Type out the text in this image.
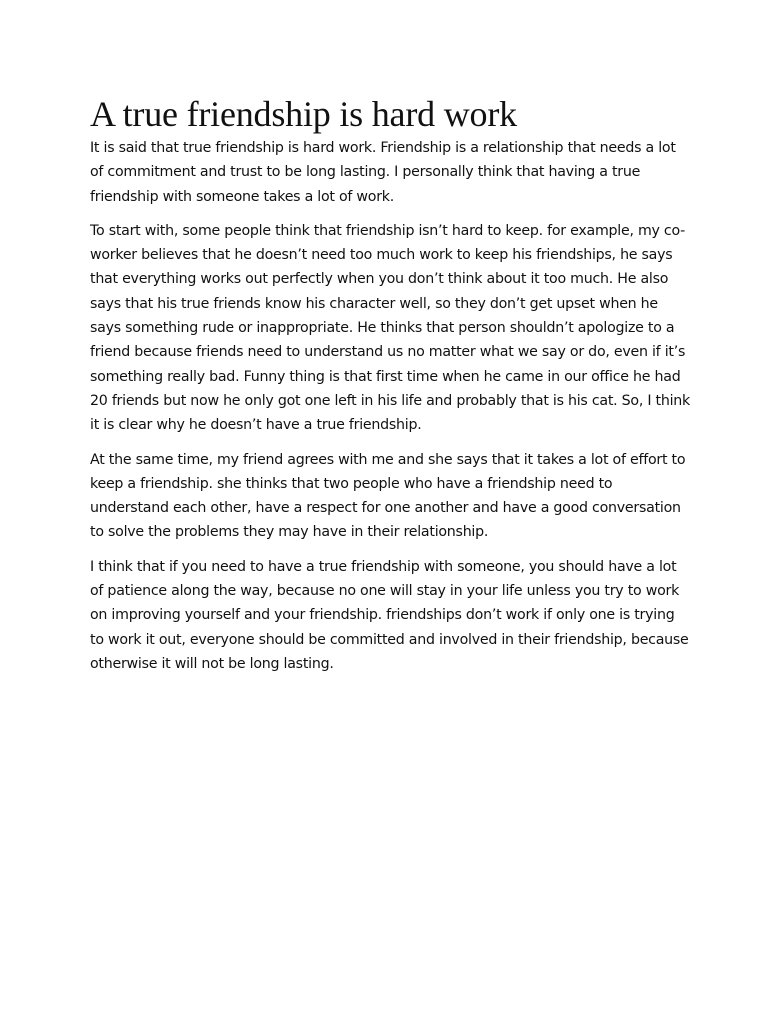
A true friendship is hard work

It is said that true friendship is hard work. Friendship is a relationship that needs a lot of commitment and trust to be long lasting. I personally think that having a true friendship with someone takes a lot of work.

To start with, some people think that friendship isn’t hard to keep. for example, my co-worker believes that he doesn’t need too much work to keep his friendships, he says that everything works out perfectly when you don’t think about it too much. He also says that his true friends know his character well, so they don’t get upset when he says something rude or inappropriate. He thinks that person shouldn’t apologize to a friend because friends need to understand us no matter what we say or do, even if it’s something really bad. Funny thing is that first time when he came in our office he had 20 friends but now he only got one left in his life and probably that is his cat. So, I think it is clear why he doesn’t have a true friendship.

At the same time, my friend agrees with me and she says that it takes a lot of effort to keep a friendship. she thinks that two people who have a friendship need to understand each other, have a respect for one another and have a good conversation to solve the problems they may have in their relationship.

I think that if you need to have a true friendship with someone, you should have a lot of patience along the way, because no one will stay in your life unless you try to work on improving yourself and your friendship. friendships don’t work if only one is trying to work it out, everyone should be committed and involved in their friendship, because otherwise it will not be long lasting.
